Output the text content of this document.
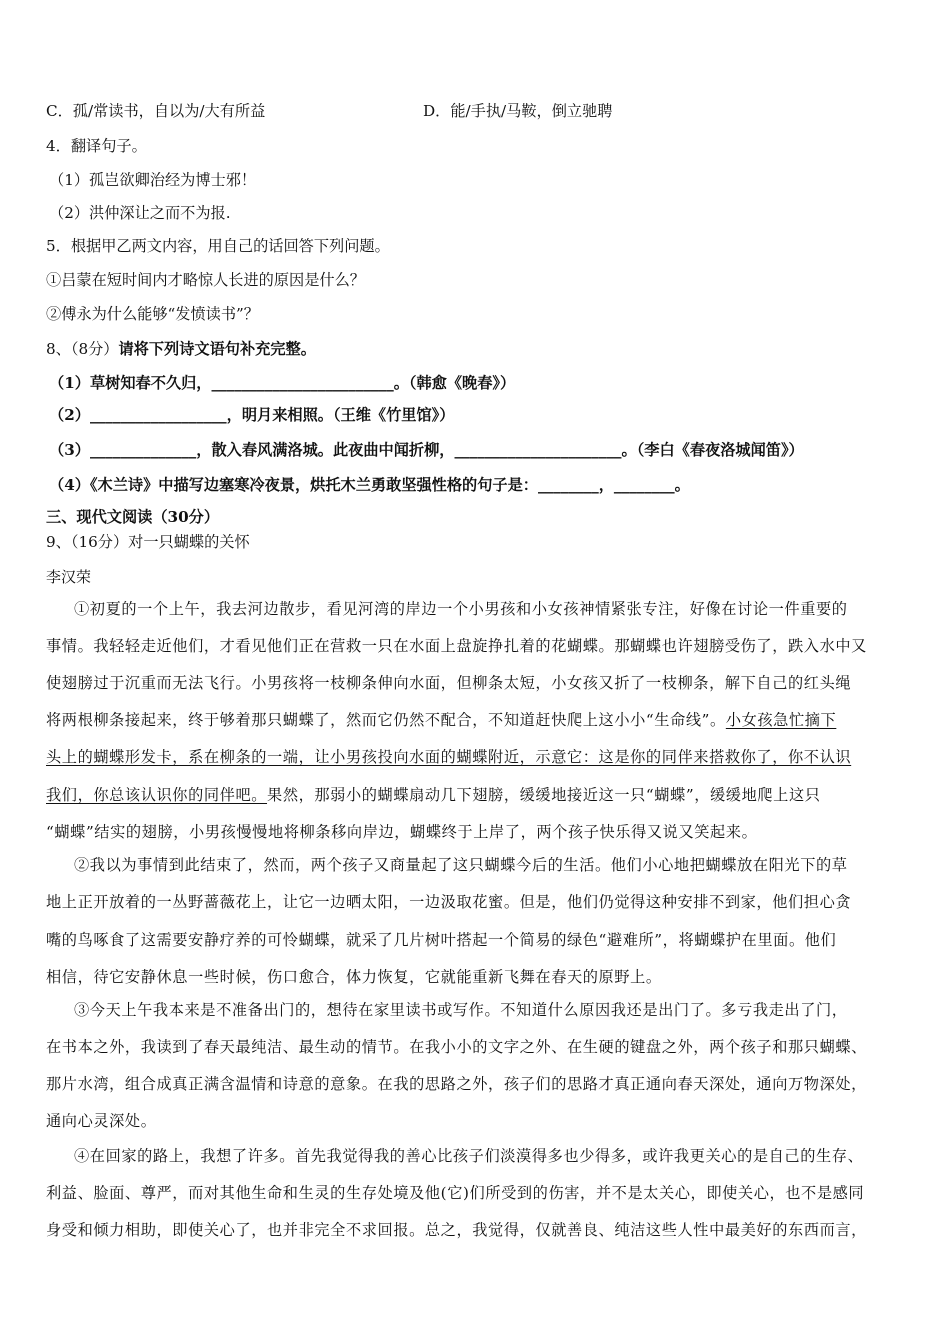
C．孤/常读书，自以为/大有所益	D．能/手执/马鞍，倒立驰聘
4．翻译句子。
（1）孤岂欲卿治经为博士邪！
（2）洪仲深让之而不为报.
5．根据甲乙两文内容，用自己的话回答下列问题。
①吕蒙在短时间内才略惊人长进的原因是什么？
②傅永为什么能够“发愤读书”？
8、（8分）请将下列诗文语句补充完整。
（1）草树知春不久归，________________________。（韩愈《晚春》）
（2）__________________，明月来相照。（王维《竹里馆》）
（3）______________，散入春风满洛城。此夜曲中闻折柳，______________________。（李白《春夜洛城闻笛》）
（4）《木兰诗》中描写边塞寒冷夜景，烘托木兰勇敢坚强性格的句子是：________，________。
三、现代文阅读（30分）
9、（16分）对一只蝴蝶的关怀
李汉荣
①初夏的一个上午，我去河边散步，看见河湾的岸边一个小男孩和小女孩神情紧张专注，好像在讨论一件重要的
事情。我轻轻走近他们，才看见他们正在营救一只在水面上盘旋挣扎着的花蝴蝶。那蝴蝶也许翅膀受伤了，跌入水中又
使翅膀过于沉重而无法飞行。小男孩将一枝柳条伸向水面，但柳条太短，小女孩又折了一枝柳条，解下自己的红头绳
将两根柳条接起来，终于够着那只蝴蝶了，然而它仍然不配合，不知道赶快爬上这小小“生命线”。小女孩急忙摘下
头上的蝴蝶形发卡，系在柳条的一端，让小男孩投向水面的蝴蝶附近，示意它：这是你的同伴来搭救你了，你不认识
我们，你总该认识你的同伴吧。果然，那弱小的蝴蝶扇动几下翅膀，缓缓地接近这一只“蝴蝶”，缓缓地爬上这只
“蝴蝶”结实的翅膀，小男孩慢慢地将柳条移向岸边，蝴蝶终于上岸了，两个孩子快乐得又说又笑起来。
②我以为事情到此结束了，然而，两个孩子又商量起了这只蝴蝶今后的生活。他们小心地把蝴蝶放在阳光下的草
地上正开放着的一丛野蔷薇花上，让它一边晒太阳，一边汲取花蜜。但是，他们仍觉得这种安排不到家，他们担心贪
嘴的鸟啄食了这需要安静疗养的可怜蝴蝶，就采了几片树叶搭起一个简易的绿色“避难所”，将蝴蝶护在里面。他们
相信，待它安静休息一些时候，伤口愈合，体力恢复，它就能重新飞舞在春天的原野上。
③今天上午我本来是不准备出门的，想待在家里读书或写作。不知道什么原因我还是出门了。多亏我走出了门，
在书本之外，我读到了春天最纯洁、最生动的情节。在我小小的文字之外、在生硬的键盘之外，两个孩子和那只蝴蝶、
那片水湾，组合成真正满含温情和诗意的意象。在我的思路之外，孩子们的思路才真正通向春天深处，通向万物深处，
通向心灵深处。
④在回家的路上，我想了许多。首先我觉得我的善心比孩子们淡漠得多也少得多，或许我更关心的是自己的生存、
利益、脸面、尊严，而对其他生命和生灵的生存处境及他(它)们所受到的伤害，并不是太关心，即使关心，也不是感同
身受和倾力相助，即使关心了，也并非完全不求回报。总之，我觉得，仅就善良、纯洁这些人性中最美好的东西而言，
